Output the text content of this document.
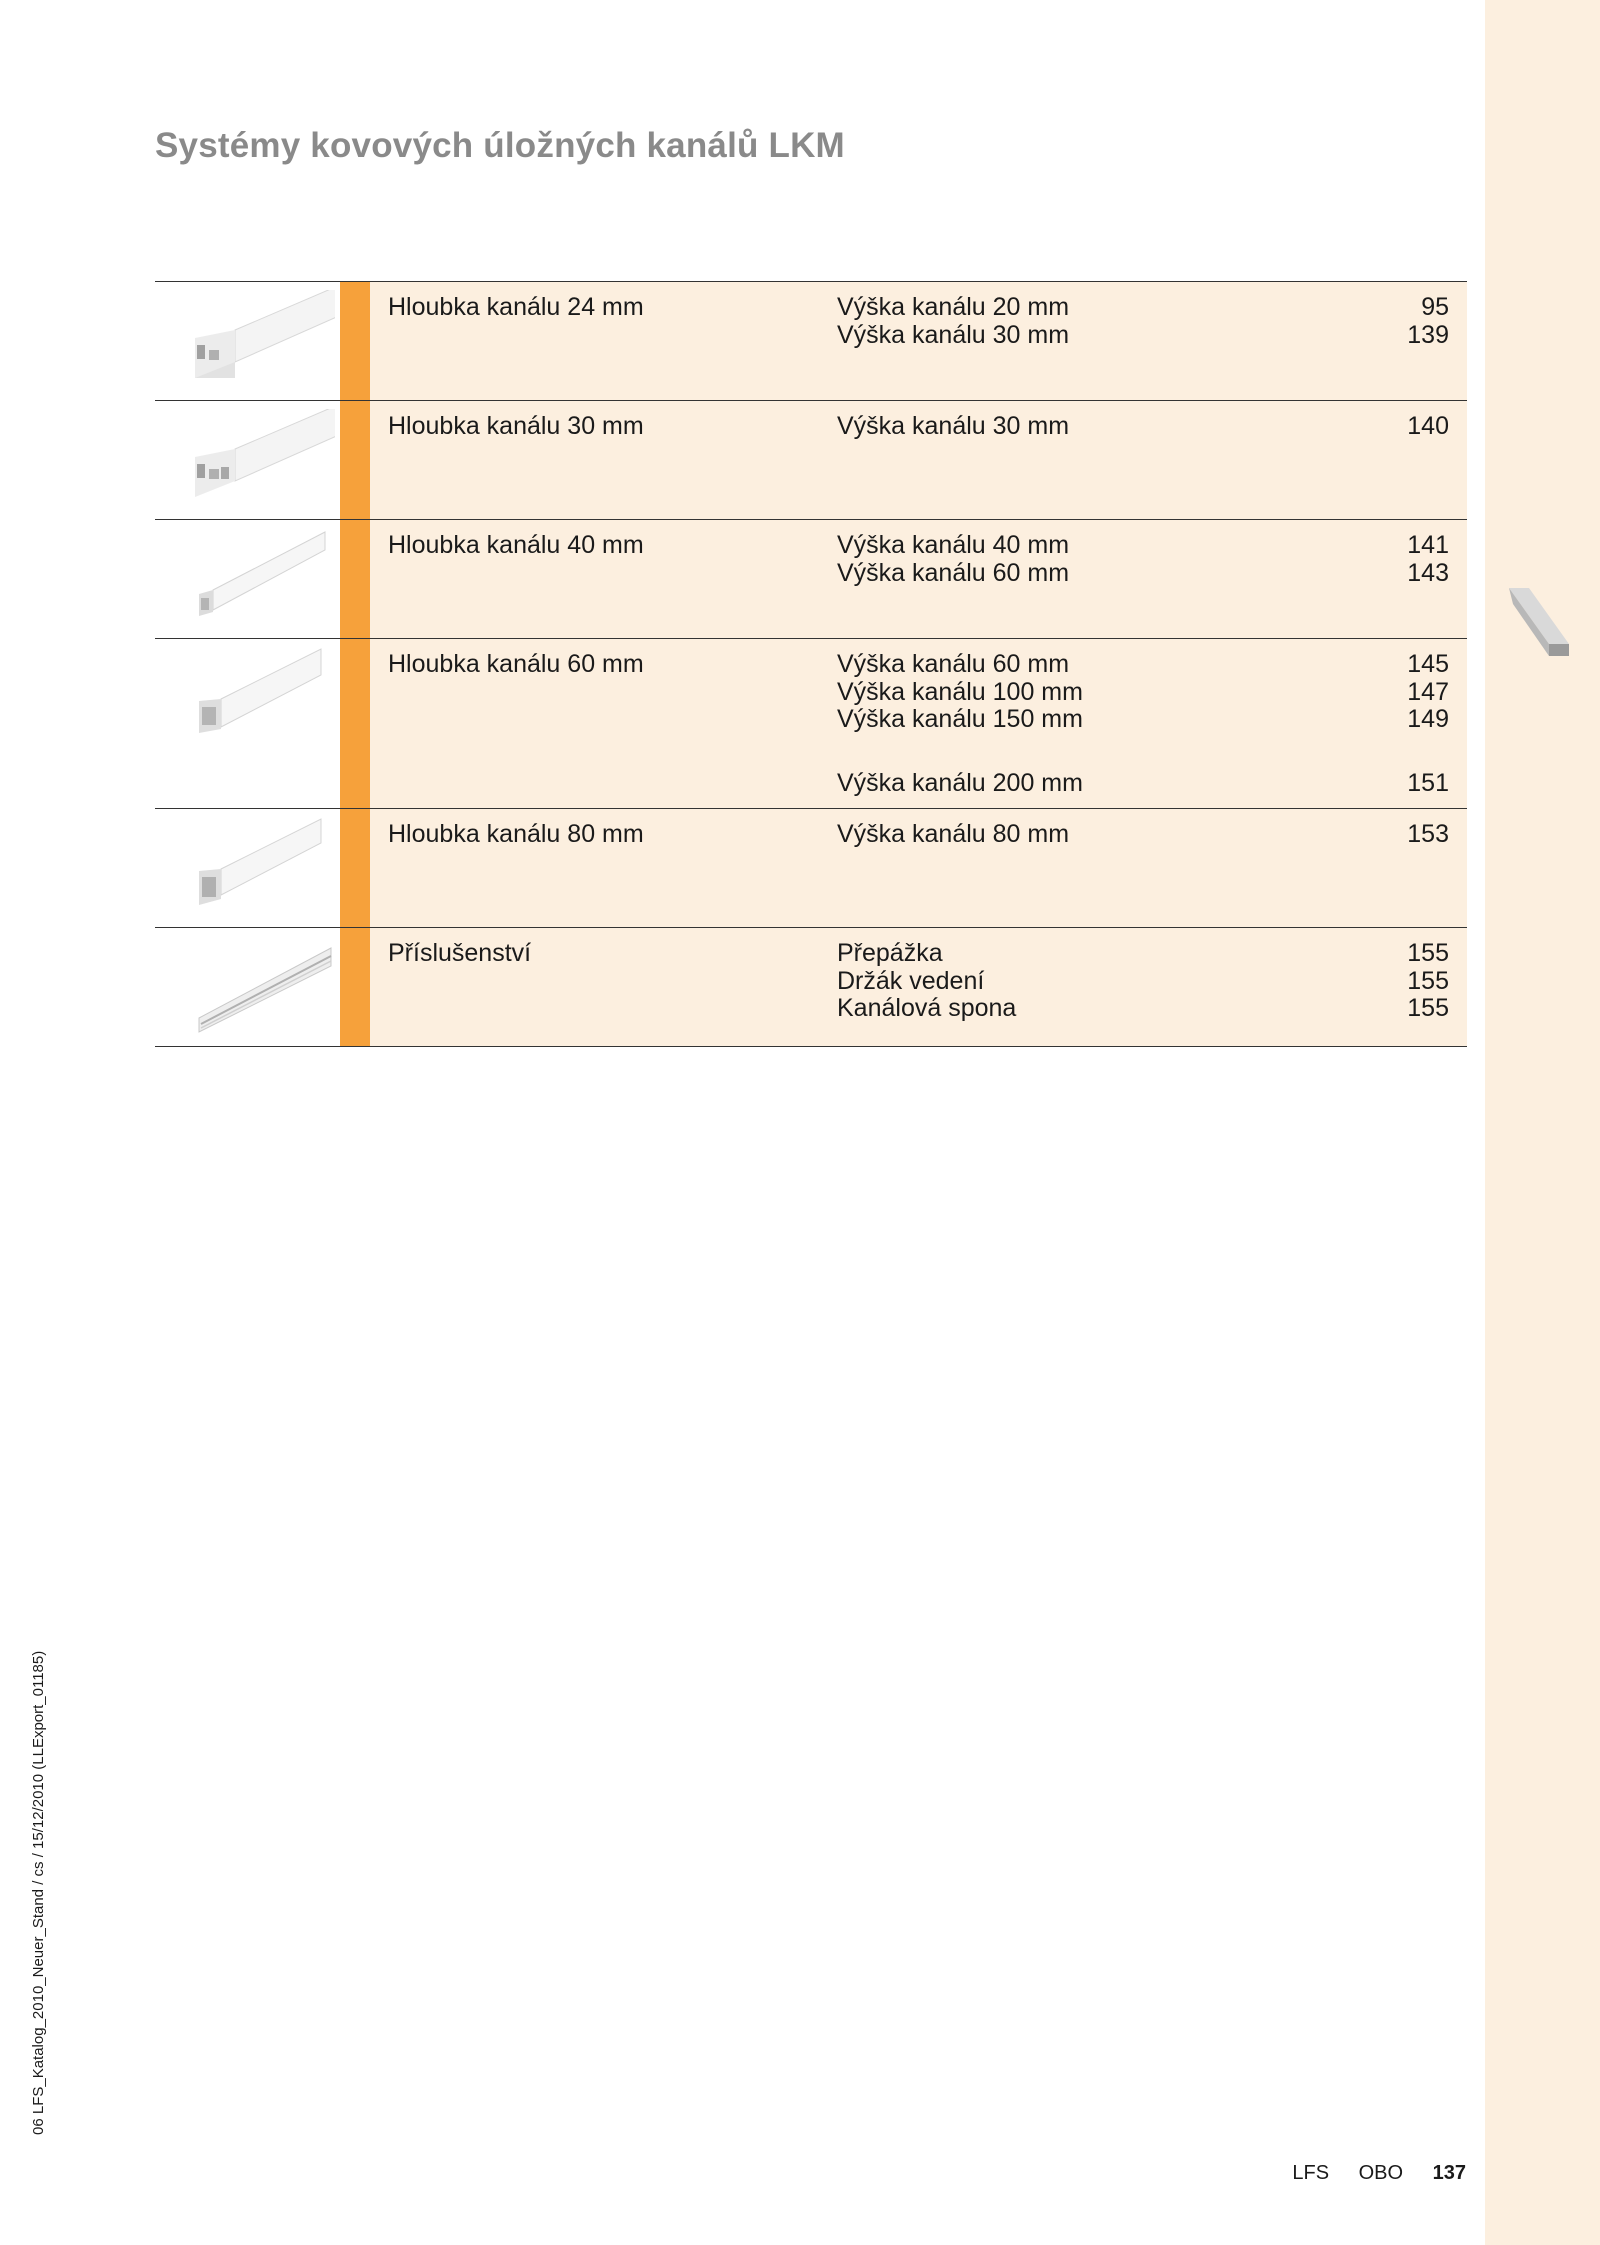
Systémy kovových úložných kanálů LKM
Hloubka kanálu 24 mm	Výška kanálu 20 mm	95
Výška kanálu 30 mm	139
Hloubka kanálu 30 mm	Výška kanálu 30 mm	140
Hloubka kanálu 40 mm	Výška kanálu 40 mm	141
Výška kanálu 60 mm	143
Hloubka kanálu 60 mm	Výška kanálu 60 mm	145
Výška kanálu 100 mm	147
Výška kanálu 150 mm	149
Výška kanálu 200 mm	151
Hloubka kanálu 80 mm	Výška kanálu 80 mm	153
Příslušenství	Přepážka	155
Držák vedení	155
Kanálová spona	155
06 LFS_Katalog_2010_Neuer_Stand / cs / 15/12/2010 (LLExport_01185)
LFS OBO 137
